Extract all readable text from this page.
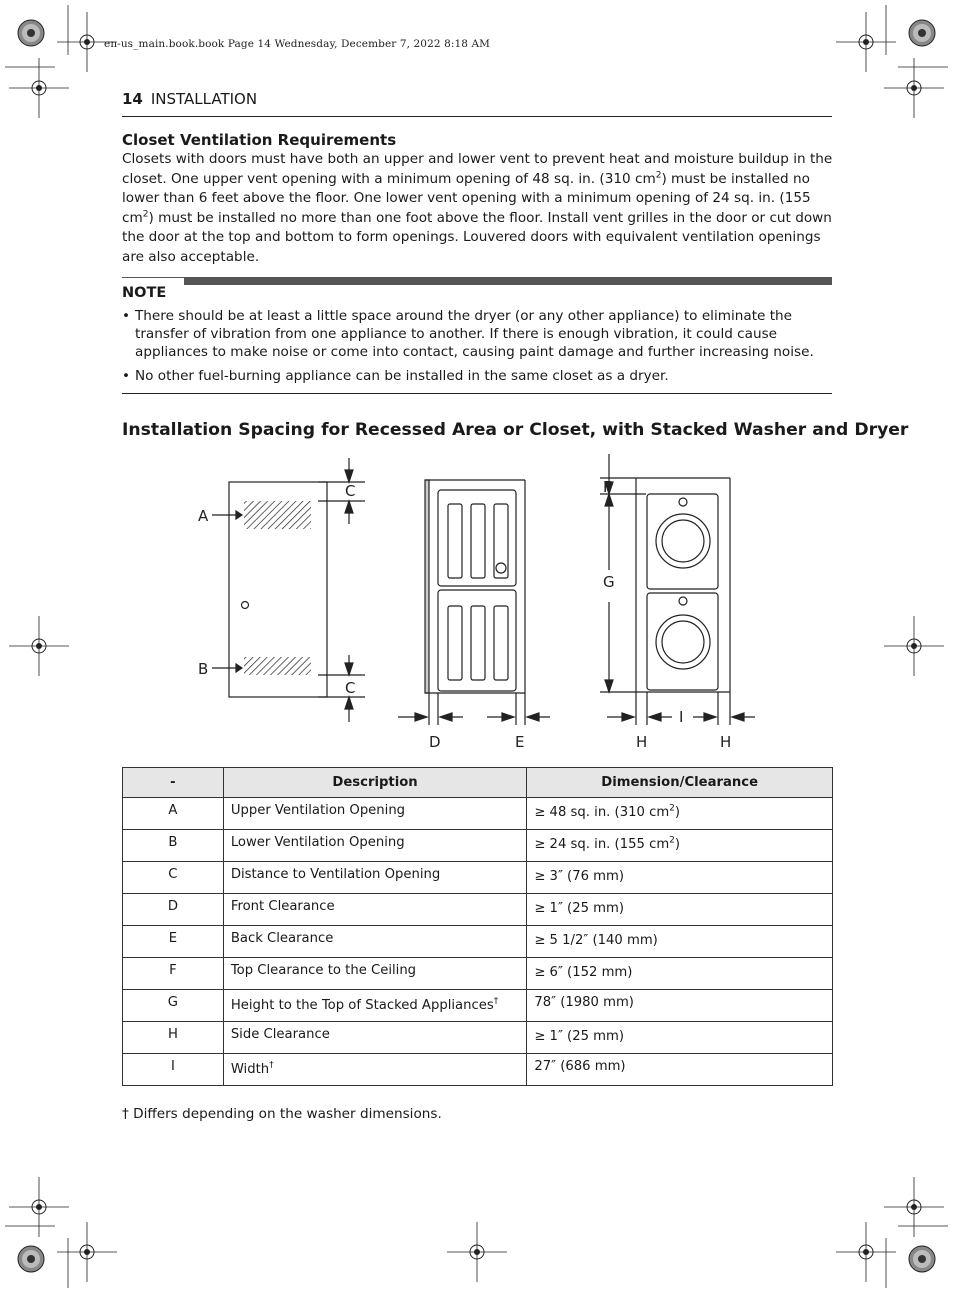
en-us_main.book.book Page 14 Wednesday, December 7, 2022 8:18 AM
14 INSTALLATION
Closet Ventilation Requirements
Closets with doors must have both an upper and lower vent to prevent heat and moisture buildup in the closet. One upper vent opening with a minimum opening of 48 sq. in. (310 $cm^2$) must be installed no lower than 6 feet above the floor. One lower vent opening with a minimum opening of 24 sq. in. (155 $cm^2$) must be installed no more than one foot above the floor. Install vent grilles in the door or cut down the door at the top and bottom to form openings. Louvered doors with equivalent ventilation openings are also acceptable.
NOTE
• There should be at least a little space around the dryer (or any other appliance) to eliminate the transfer of vibration from one appliance to another. If there is enough vibration, it could cause appliances to make noise or come into contact, causing paint damage and further increasing noise.
• No other fuel-burning appliance can be installed in the same closet as a dryer.
Installation Spacing for Recessed Area or Closet, with Stacked Washer and Dryer
A
B
C
C
D	E
F
G
H
I
H
-	Description	Dimension/Clearance
A	Upper Ventilation Opening	≥ 48 sq. in. (310 $cm^2$)
B	Lower Ventilation Opening	≥ 24 sq. in. (155 $cm^2$)
C	Distance to Ventilation Opening	≥ 3″ (76 mm)
D	Front Clearance	≥ 1″ (25 mm)
E	Back Clearance	≥ 5 1/2″ (140 mm)
F	Top Clearance to the Ceiling	≥ 6″ (152 mm)
G	Height to the Top of Stacked Appliances†	78″ (1980 mm)
H	Side Clearance	≥ 1″ (25 mm)
I	Width†	27″ (686 mm)
† Differs depending on the washer dimensions.
